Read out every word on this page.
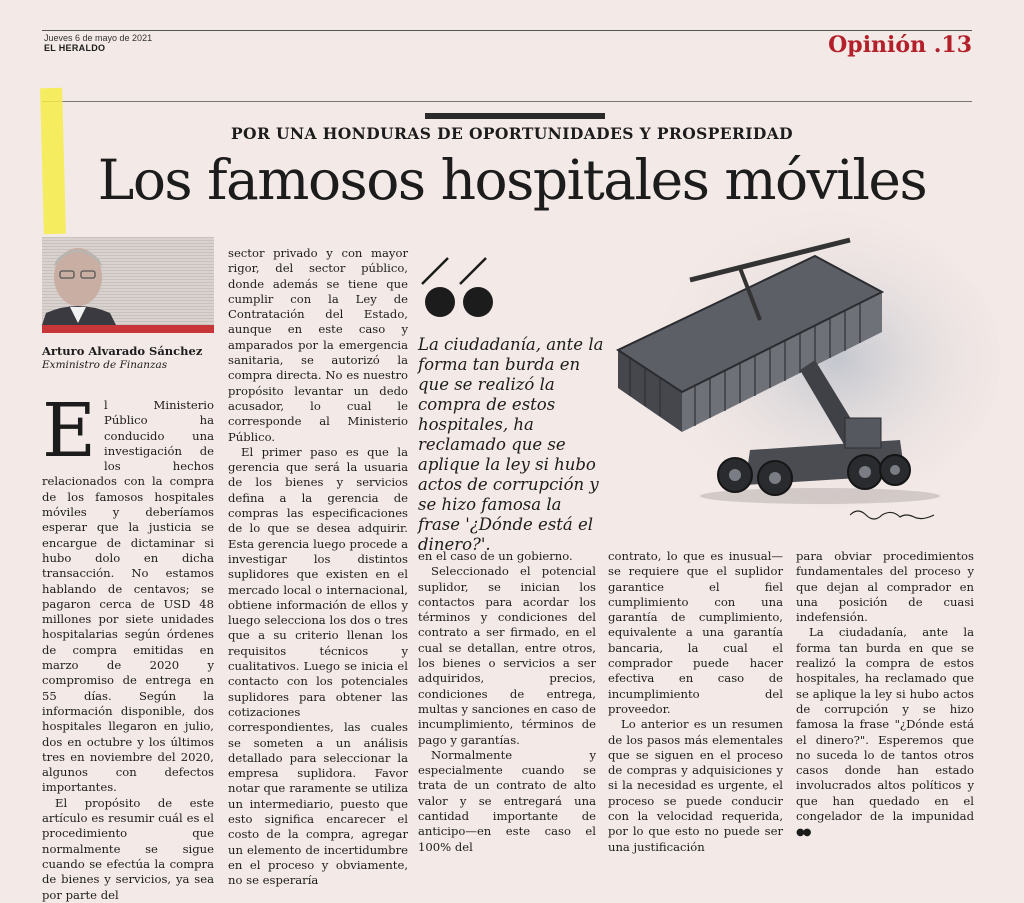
Jueves 6 de mayo de 2021
EL HERALDO	Opinión .13
POR UNA HONDURAS DE OPORTUNIDADES Y PROSPERIDAD
Los famosos hospitales móviles
Arturo Alvarado Sánchez
Exministro de Finanzas
E l Ministerio Público ha conducido una investigación de los hechos relacionados con la compra de los famosos hospitales móviles y deberíamos esperar que la justicia se encargue de dictaminar si hubo dolo en dicha transacción. No estamos hablando de centavos; se pagaron cerca de USD 48 millones por siete unidades hospitalarias según órdenes de compra emitidas en marzo de 2020 y compromiso de entrega en 55 días. Según la información disponible, dos hospitales llegaron en julio, dos en octubre y los últimos tres en noviembre del 2020, algunos con defectos importantes.

El propósito de este artículo es resumir cuál es el procedimiento que normalmente se sigue cuando se efectúa la compra de bienes y servicios, ya sea por parte del

sector privado y con mayor rigor, del sector público, donde además se tiene que cumplir con la Ley de Contratación del Estado, aunque en este caso y amparados por la emergencia sanitaria, se autorizó la compra directa. No es nuestro propósito levantar un dedo acusador, lo cual le corresponde al Ministerio Público.

El primer paso es que la gerencia que será la usuaria de los bienes y servicios defina a la gerencia de compras las especificaciones de lo que se desea adquirir. Esta gerencia luego procede a investigar los distintos suplidores que existen en el mercado local o internacional, obtiene información de ellos y luego selecciona los dos o tres que a su criterio llenan los requisitos técnicos y cualitativos. Luego se inicia el contacto con los potenciales suplidores para obtener las cotizaciones correspondientes, las cuales se someten a un análisis detallado para seleccionar la empresa suplidora. Favor notar que raramente se utiliza un intermediario, puesto que esto significa encarecer el costo de la compra, agregar un elemento de incertidumbre en el proceso y obviamente, no se esperaría

La ciudadanía, ante la forma tan burda en que se realizó la compra de estos hospitales, ha reclamado que se aplique la ley si hubo actos de corrupción y se hizo famosa la frase '¿Dónde está el dinero?'.

en el caso de un gobierno.

Seleccionado el potencial suplidor, se inician los contactos para acordar los términos y condiciones del contrato a ser firmado, en el cual se detallan, entre otros, los bienes o servicios a ser adquiridos, precios, condiciones de entrega, multas y sanciones en caso de incumplimiento, términos de pago y garantías.

Normalmente y especialmente cuando se trata de un contrato de alto valor y se entregará una cantidad importante de anticipo—en este caso el 100% del

contrato, lo que es inusual—se requiere que el suplidor garantice el fiel cumplimiento con una garantía de cumplimiento, equivalente a una garantía bancaria, la cual el comprador puede hacer efectiva en caso de incumplimiento del proveedor.

Lo anterior es un resumen de los pasos más elementales que se siguen en el proceso de compras y adquisiciones y si la necesidad es urgente, el proceso se puede conducir con la velocidad requerida, por lo que esto no puede ser una justificación

para obviar procedimientos fundamentales del proceso y que dejan al comprador en una posición de cuasi indefensión.

La ciudadanía, ante la forma tan burda en que se realizó la compra de estos hospitales, ha reclamado que se aplique la ley si hubo actos de corrupción y se hizo famosa la frase "¿Dónde está el dinero?". Esperemos que no suceda lo de tantos otros casos donde han estado involucrados altos políticos y que han quedado en el congelador de la impunidad ●●
